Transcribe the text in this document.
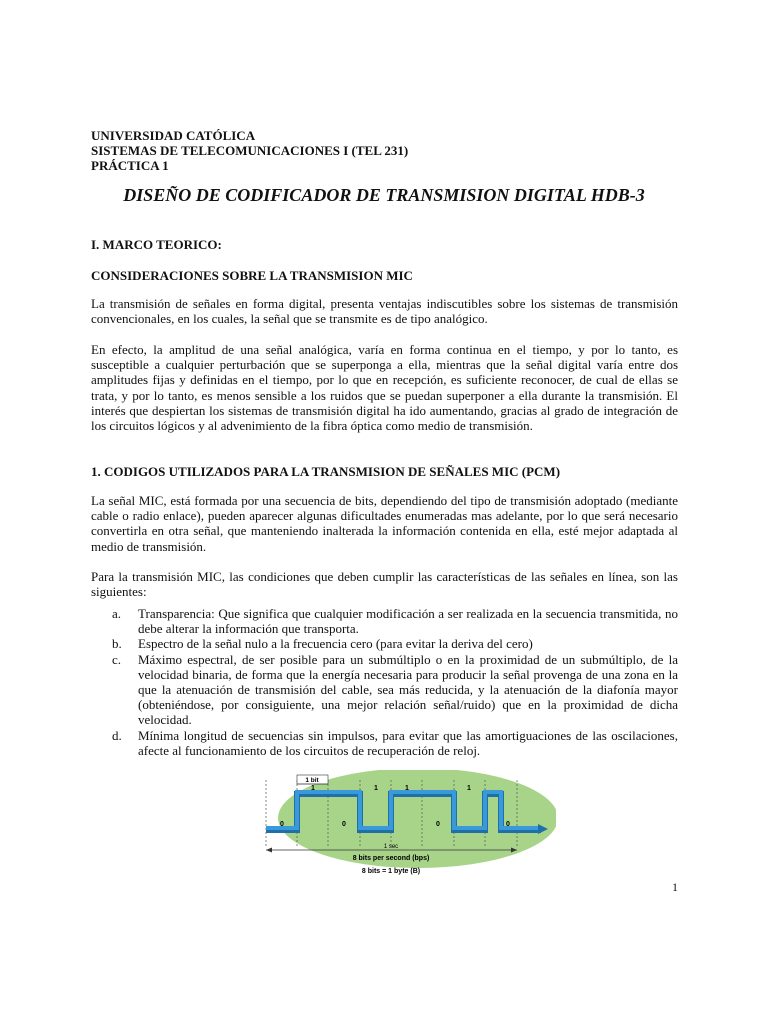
UNIVERSIDAD CATÓLICA
SISTEMAS DE TELECOMUNICACIONES I (TEL 231)
PRÁCTICA 1
DISEÑO DE CODIFICADOR DE TRANSMISION DIGITAL HDB-3
I. MARCO TEORICO:
CONSIDERACIONES SOBRE LA TRANSMISION MIC
La transmisión de señales en forma digital, presenta ventajas indiscutibles sobre los sistemas de transmisión convencionales, en los cuales, la señal que se transmite es de tipo analógico.
En efecto, la amplitud de una señal analógica, varía en forma continua en el tiempo, y por lo tanto, es susceptible a cualquier perturbación que se superponga a ella, mientras que la señal digital varía entre dos amplitudes fijas y definidas en el tiempo, por lo que en recepción, es suficiente reconocer, de cual de ellas se trata, y por lo tanto, es menos sensible a los ruidos que se puedan superponer a ella durante la transmisión. El interés que despiertan los sistemas de transmisión digital ha ido aumentando, gracias al grado de integración de los circuitos lógicos y al advenimiento de la fibra óptica como medio de transmisión.
1. CODIGOS UTILIZADOS PARA LA TRANSMISION DE SEÑALES MIC (PCM)
La señal MIC, está formada por una secuencia de bits, dependiendo del tipo de transmisión adoptado (mediante cable o radio enlace), pueden aparecer algunas dificultades enumeradas mas adelante, por lo que será necesario convertirla en otra señal, que manteniendo inalterada la información contenida en ella, esté mejor adaptada al medio de transmisión.
Para la transmisión MIC, las condiciones que deben cumplir las características de las señales en línea, son las siguientes:
a. Transparencia: Que significa que cualquier modificación a ser realizada en la secuencia transmitida, no debe alterar la información que transporta.
b. Espectro de la señal nulo a la frecuencia cero (para evitar la deriva del cero)
c. Máximo espectral, de ser posible para un submúltiplo o en la proximidad de un submúltiplo, de la velocidad binaria, de forma que la energía necesaria para producir la señal provenga de una zona en la que la atenuación de transmisión del cable, sea más reducida, y la atenuación de la diafonía mayor (obteniéndose, por consiguiente, una mejor relación señal/ruido) que en la proximidad de dicha velocidad.
d. Mínima longitud de secuencias sin impulsos, para evitar que las amortiguaciones de las oscilaciones, afecte al funcionamiento de los circuitos de recuperación de reloj.
1 bit
0
1
0
1	1
0
1
0
1 sec
8 bits per second (bps)
8 bits = 1 byte (B)
1
